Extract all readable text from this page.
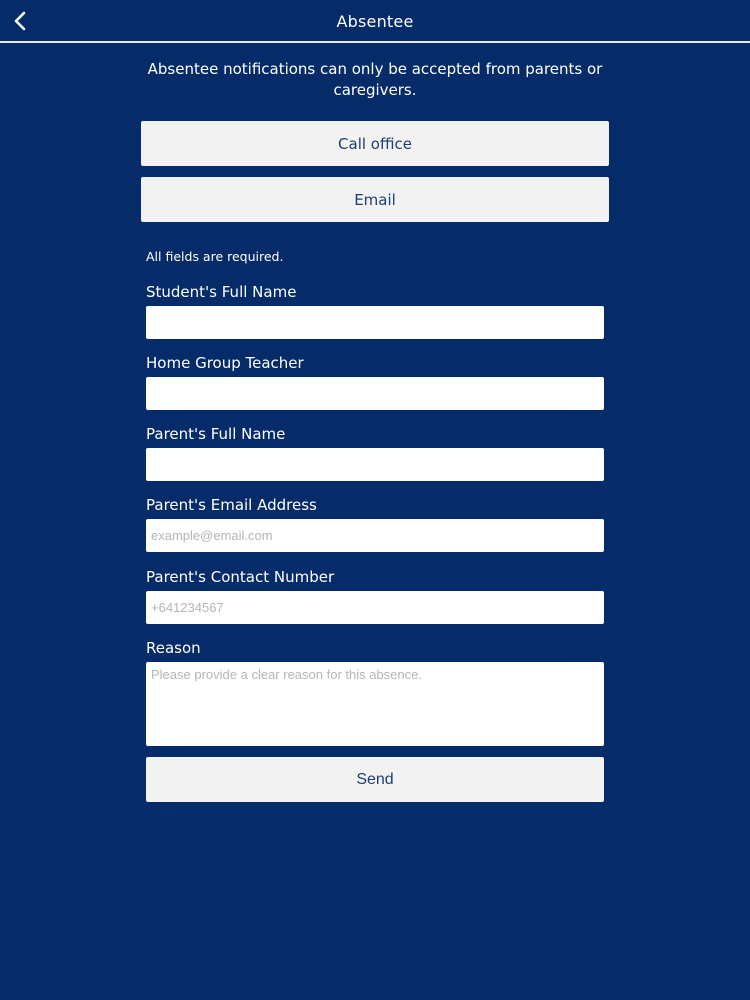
Absentee
Absentee notifications can only be accepted from parents or caregivers.
Call office
Email
All fields are required.
Student's Full Name
Home Group Teacher
Parent's Full Name
Parent's Email Address
example@email.com
Parent's Contact Number
+641234567
Reason
Please provide a clear reason for this absence.
Send
